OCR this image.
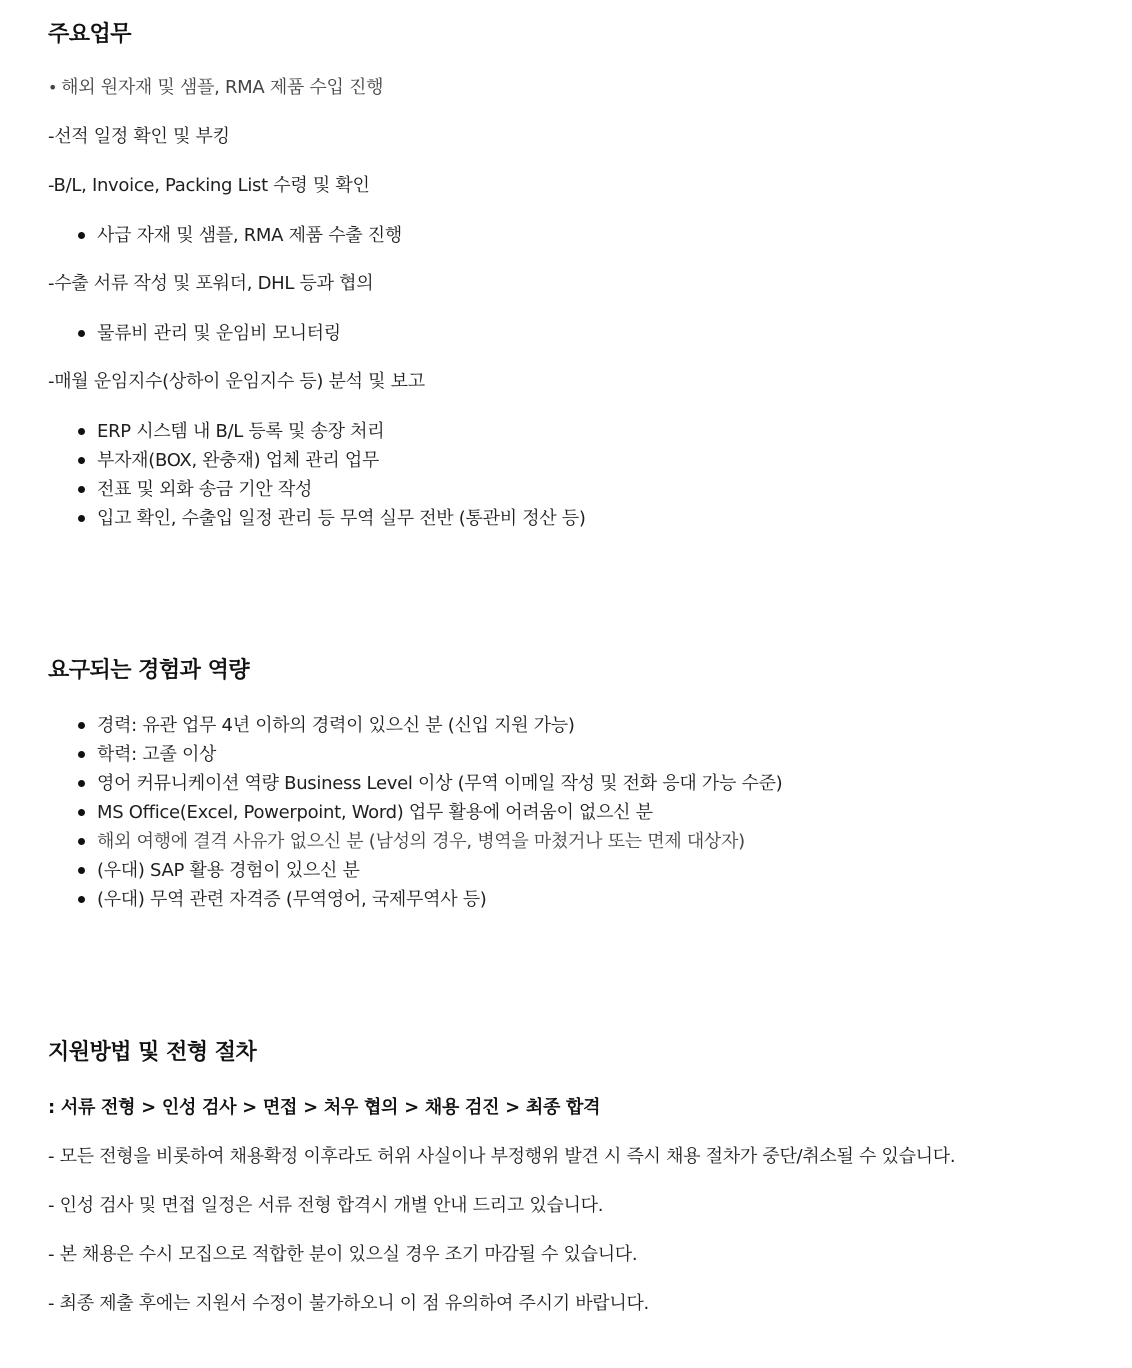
주요업무
• 해외 원자재 및 샘플, RMA 제품 수입 진행
-선적 일정 확인 및 부킹
-B/L, Invoice, Packing List 수령 및 확인
사급 자재 및 샘플, RMA 제품 수출 진행
-수출 서류 작성 및 포워더, DHL 등과 협의
물류비 관리 및 운임비 모니터링
-매월 운임지수(상하이 운임지수 등) 분석 및 보고
ERP 시스템 내 B/L 등록 및 송장 처리
부자재(BOX, 완충재) 업체 관리 업무
전표 및 외화 송금 기안 작성
입고 확인, 수출입 일정 관리 등 무역 실무 전반 (통관비 정산 등)
요구되는 경험과 역량
경력: 유관 업무 4년 이하의 경력이 있으신 분 (신입 지원 가능)
학력: 고졸 이상
영어 커뮤니케이션 역량 Business Level 이상 (무역 이메일 작성 및 전화 응대 가능 수준)
MS Office(Excel, Powerpoint, Word) 업무 활용에 어려움이 없으신 분
해외 여행에 결격 사유가 없으신 분 (남성의 경우, 병역을 마쳤거나 또는 면제 대상자)
(우대) SAP 활용 경험이 있으신 분
(우대) 무역 관련 자격증 (무역영어, 국제무역사 등)
지원방법 및 전형 절차
: 서류 전형 > 인성 검사 > 면접 > 처우 협의 > 채용 검진 > 최종 합격
- 모든 전형을 비롯하여 채용확정 이후라도 허위 사실이나 부정행위 발견 시 즉시 채용 절차가 중단/취소될 수 있습니다.
- 인성 검사 및 면접 일정은 서류 전형 합격시 개별 안내 드리고 있습니다.
- 본 채용은 수시 모집으로 적합한 분이 있으실 경우 조기 마감될 수 있습니다.
- 최종 제출 후에는 지원서 수정이 불가하오니 이 점 유의하여 주시기 바랍니다.
